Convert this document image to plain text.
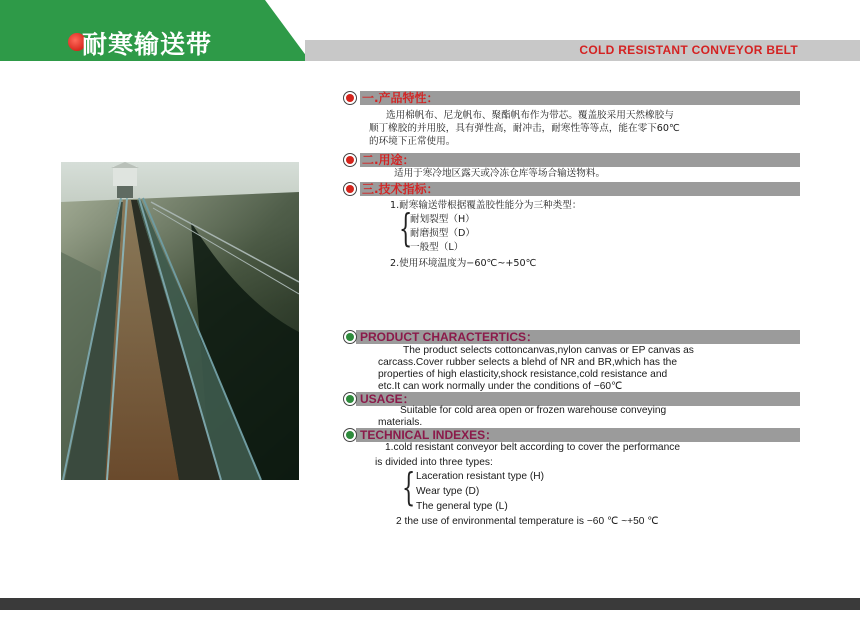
耐寒输送带	COLD RESISTANT CONVEYOR BELT
一.产品特性：
选用棉帆布、尼龙帆布、聚酯帆布作为带芯。覆盖胶采用天然橡胶与
顺丁橡胶的并用胶，具有弹性高，耐冲击，耐寒性等等点，能在零下60℃
的环境下正常使用。
二.用途：
适用于寒冷地区露天或冷冻仓库等场合输送物料。
三.技术指标：
1.耐寒输送带根据覆盖胶性能分为三种类型：
{
耐划裂型（H）
耐磨损型（D）
一般型（L）
2.使用环境温度为−60℃~+50℃
PRODUCT CHARACTERTICS：
The product selects cottoncanvas,nylon canvas or EP canvas as
carcass.Cover rubber selects a blehd of NR and BR,which has the
properties of high elasticity,shock resistance,cold resistance and
etc.It can work normally under the conditions of −60℃
USAGE：
Suitable for cold area open or frozen warehouse conveying
materials.
TECHNICAL INDEXES：
1.cold resistant conveyor belt according to cover the performance
is divided into three types:
{ Laceration resistant type (H)
Wear type (D)
The general type (L)
2 the use of environmental temperature is −60 ℃ ~+50 ℃
